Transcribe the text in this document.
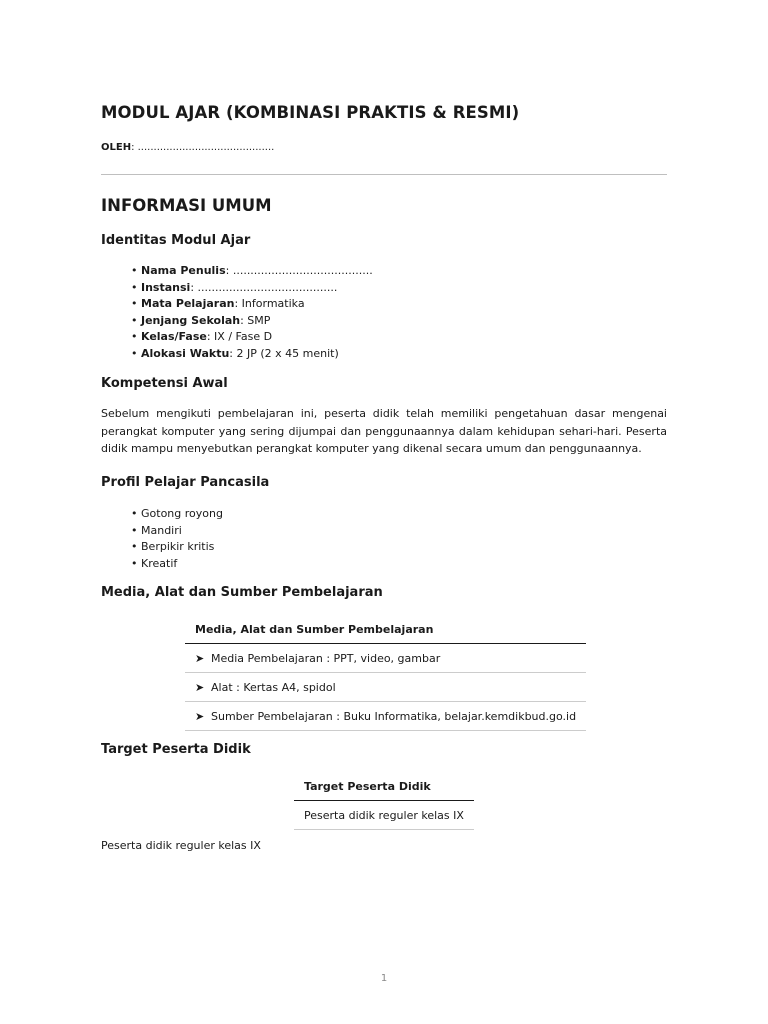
MODUL AJAR (KOMBINASI PRAKTIS & RESMI)

OLEH: ...........................................

INFORMASI UMUM
Identitas Modul Ajar
• Nama Penulis: ........................................
• Instansi: ........................................
• Mata Pelajaran: Informatika
• Jenjang Sekolah: SMP
• Kelas/Fase: IX / Fase D
• Alokasi Waktu: 2 JP (2 x 45 menit)
Kompetensi Awal

Sebelum mengikuti pembelajaran ini, peserta didik telah memiliki pengetahuan dasar mengenai perangkat komputer yang sering dijumpai dan penggunaannya dalam kehidupan sehari-hari. Peserta didik mampu menyebutkan perangkat komputer yang dikenal secara umum dan penggunaannya.

Profil Pelajar Pancasila
• Gotong royong
• Mandiri
• Berpikir kritis
• Kreatif
Media, Alat dan Sumber Pembelajaran
Media, Alat dan Sumber Pembelajaran
➤ Media Pembelajaran : PPT, video, gambar
➤ Alat : Kertas A4, spidol
➤ Sumber Pembelajaran : Buku Informatika, belajar.kemdikbud.go.id
Target Peserta Didik
Target Peserta Didik
Peserta didik reguler kelas IX

Peserta didik reguler kelas IX

1
